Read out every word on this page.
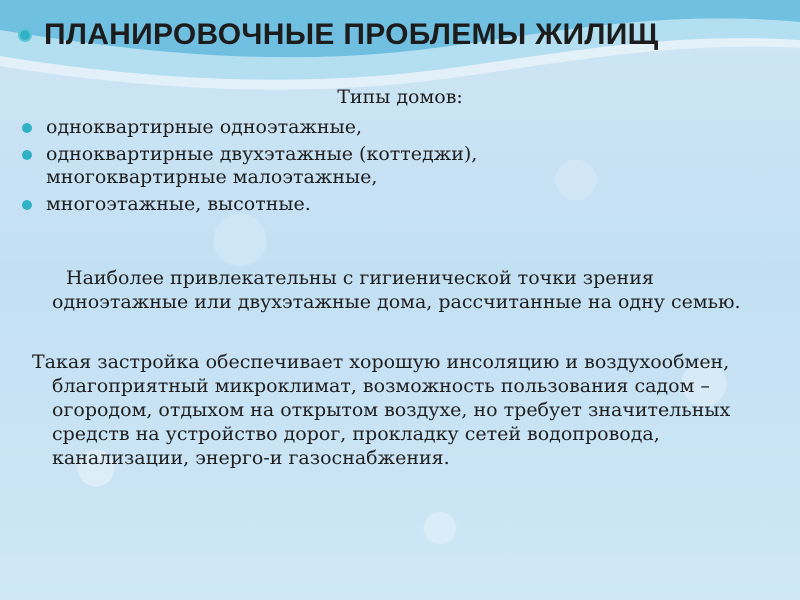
ПЛАНИРОВОЧНЫЕ ПРОБЛЕМЫ ЖИЛИЩ
Типы домов:
одноквартирные одноэтажные,
одноквартирные двухэтажные (коттеджи),
многоквартирные малоэтажные,
многоэтажные, высотные.
Наиболее привлекательны с гигиенической точки зрения одноэтажные или двухэтажные дома, рассчитанные на одну семью.
Такая застройка обеспечивает хорошую инсоляцию и воздухообмен, благоприятный микроклимат, возможность пользования садом – огородом, отдыхом на открытом воздухе, но требует значительных средств на устройство дорог, прокладку сетей водопровода, канализации, энерго-и газоснабжения.
